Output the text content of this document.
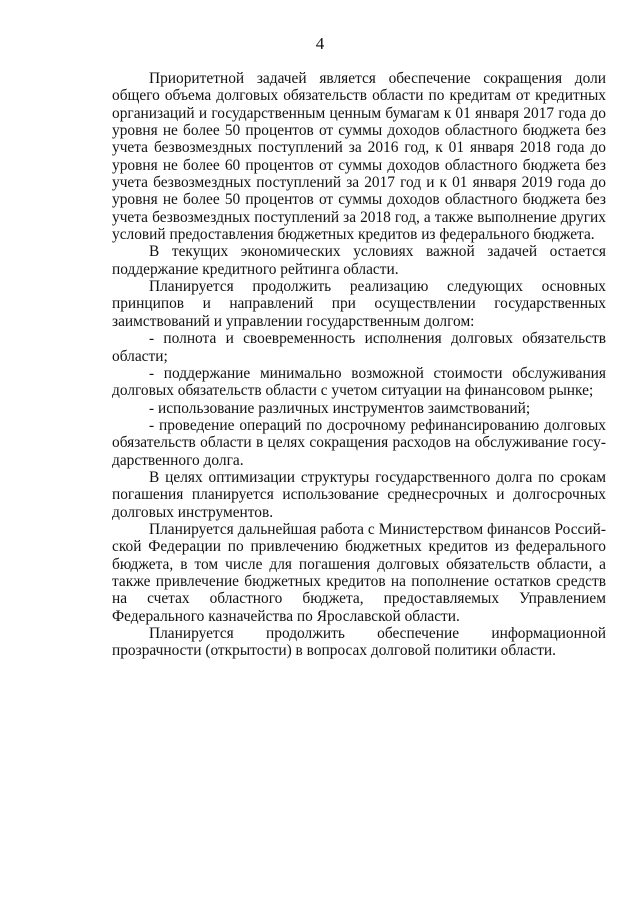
4

Приоритетной задачей является обеспечение сокращения доли общего объема долговых обязательств области по кредитам от кредитных организаций и государственным ценным бумагам к 01 января 2017 года до уровня не более 50 процентов от суммы доходов областного бюджета без учета безвозмездных поступлений за 2016 год, к 01 января 2018 года до уровня не более 60 процентов от суммы доходов областного бюджета без учета безвозмездных поступлений за 2017 год и к 01 января 2019 года до уровня не более 50 процентов от суммы доходов областного бюджета без учета безвозмездных поступлений за 2018 год, а также выполнение других условий предоставления бюджетных кредитов из федерального бюджета.

В текущих экономических условиях важной задачей остается поддержание кредитного рейтинга области.

Планируется продолжить реализацию следующих основных принципов и направлений при осуществлении государственных заимствований и управлении государственным долгом:

- полнота и своевременность исполнения долговых обязательств области;

- поддержание минимально возможной стоимости обслуживания долговых обязательств области с учетом ситуации на финансовом рынке;

- использование различных инструментов заимствований;

- проведение операций по досрочному рефинансированию долговых обязательств области в целях сокращения расходов на обслуживание государственного долга.

В целях оптимизации структуры государственного долга по срокам погашения планируется использование среднесрочных и долгосрочных долговых инструментов.

Планируется дальнейшая работа с Министерством финансов Российской Федерации по привлечению бюджетных кредитов из федерального бюджета, в том числе для погашения долговых обязательств области, а также привлечение бюджетных кредитов на пополнение остатков средств на счетах областного бюджета, предоставляемых Управлением Федерального казначейства по Ярославской области.

Планируется продолжить обеспечение информационной прозрачности (открытости) в вопросах долговой политики области.
